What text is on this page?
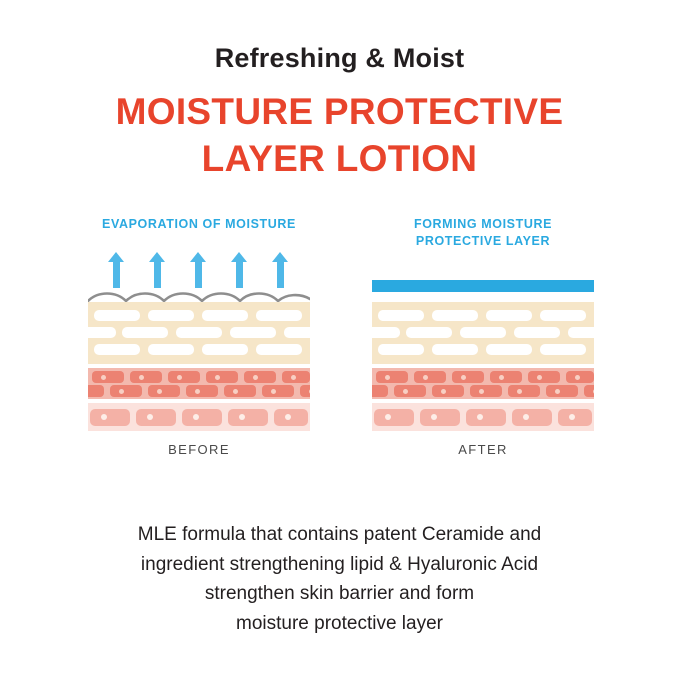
Refreshing & Moist
MOISTURE PROTECTIVE
LAYER LOTION
EVAPORATION OF MOISTURE
BEFORE
FORMING MOISTURE
PROTECTIVE LAYER
AFTER
MLE formula that contains patent Ceramide and
ingredient strengthening lipid & Hyaluronic Acid
strengthen skin barrier and form
moisture protective layer
